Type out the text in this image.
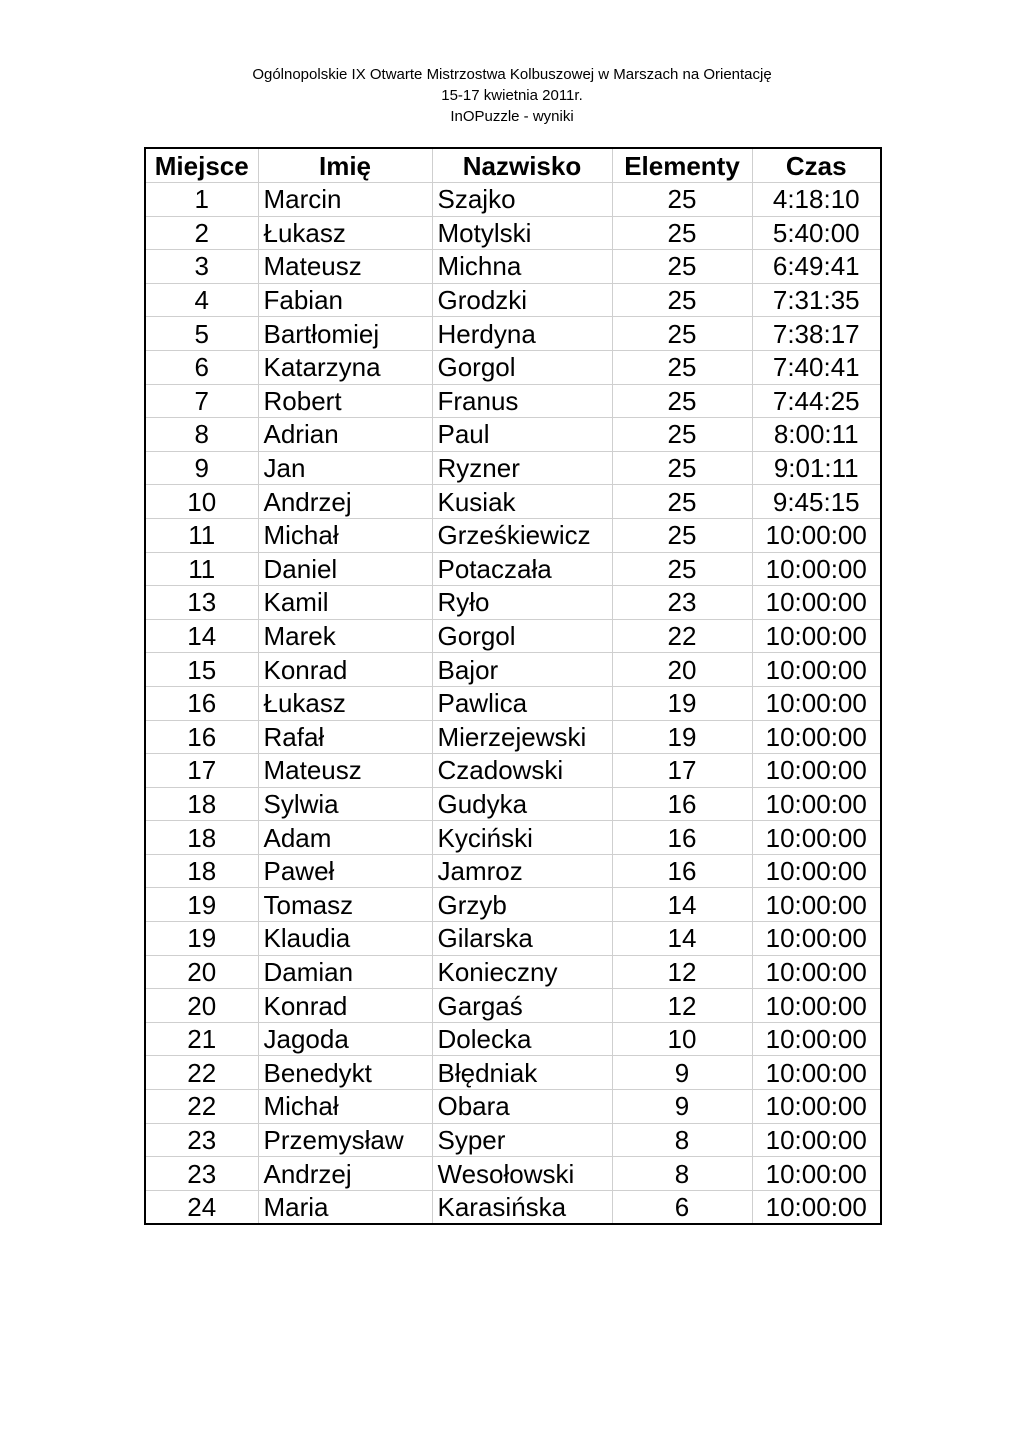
Ogólnopolskie IX Otwarte Mistrzostwa Kolbuszowej w Marszach na Orientację
15-17 kwietnia 2011r.
InOPuzzle - wyniki
Miejsce	Imię	Nazwisko	Elementy	Czas
1	Marcin	Szajko	25	4:18:10
2	Łukasz	Motylski	25	5:40:00
3	Mateusz	Michna	25	6:49:41
4	Fabian	Grodzki	25	7:31:35
5	Bartłomiej	Herdyna	25	7:38:17
6	Katarzyna	Gorgol	25	7:40:41
7	Robert	Franus	25	7:44:25
8	Adrian	Paul	25	8:00:11
9	Jan	Ryzner	25	9:01:11
10	Andrzej	Kusiak	25	9:45:15
11	Michał	Grześkiewicz	25	10:00:00
11	Daniel	Potaczała	25	10:00:00
13	Kamil	Ryło	23	10:00:00
14	Marek	Gorgol	22	10:00:00
15	Konrad	Bajor	20	10:00:00
16	Łukasz	Pawlica	19	10:00:00
16	Rafał	Mierzejewski	19	10:00:00
17	Mateusz	Czadowski	17	10:00:00
18	Sylwia	Gudyka	16	10:00:00
18	Adam	Kyciński	16	10:00:00
18	Paweł	Jamroz	16	10:00:00
19	Tomasz	Grzyb	14	10:00:00
19	Klaudia	Gilarska	14	10:00:00
20	Damian	Konieczny	12	10:00:00
20	Konrad	Gargaś	12	10:00:00
21	Jagoda	Dolecka	10	10:00:00
22	Benedykt	Błędniak	9	10:00:00
22	Michał	Obara	9	10:00:00
23	Przemysław	Syper	8	10:00:00
23	Andrzej	Wesołowski	8	10:00:00
24	Maria	Karasińska	6	10:00:00
